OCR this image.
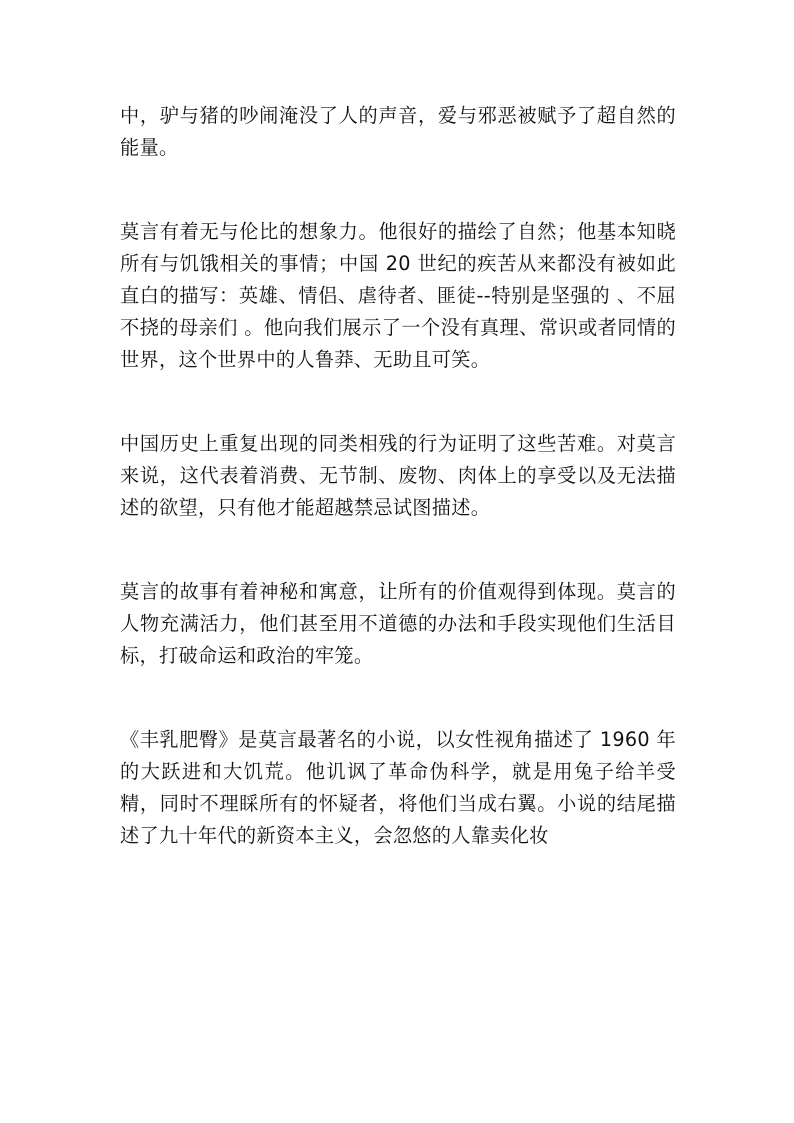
中，驴与猪的吵闹淹没了人的声音，爱与邪恶被赋予了超自然的能量。

莫言有着无与伦比的想象力。他很好的描绘了自然；他基本知晓所有与饥饿相关的事情；中国 20 世纪的疾苦从来都没有被如此直白的描写：英雄、情侣、虐待者、匪徒--特别是坚强的 、不屈不挠的母亲们 。他向我们展示了一个没有真理、常识或者同情的世界，这个世界中的人鲁莽、无助且可笑。

中国历史上重复出现的同类相残的行为证明了这些苦难。对莫言来说，这代表着消费、无节制、废物、肉体上的享受以及无法描述的欲望，只有他才能超越禁忌试图描述。

莫言的故事有着神秘和寓意，让所有的价值观得到体现。莫言的人物充满活力，他们甚至用不道德的办法和手段实现他们生活目标，打破命运和政治的牢笼。

《丰乳肥臀》是莫言最著名的小说，以女性视角描述了 1960 年的大跃进和大饥荒。他讥讽了革命伪科学，就是用兔子给羊受精，同时不理睬所有的怀疑者，将他们当成右翼。小说的结尾描述了九十年代的新资本主义，会忽悠的人靠卖化妆
